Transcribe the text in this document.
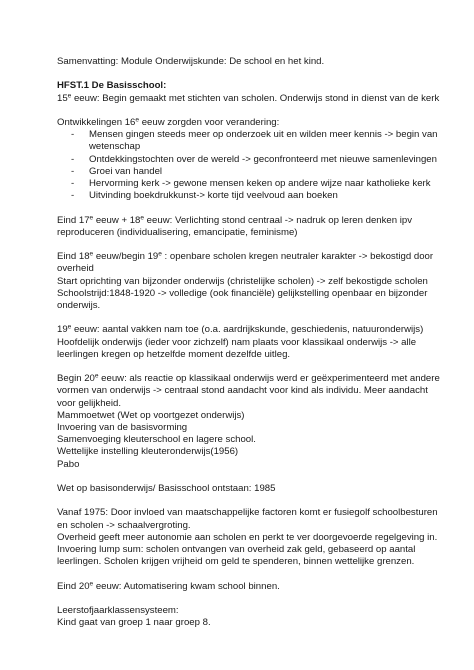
Samenvatting: Module Onderwijskunde: De school en het kind.

HFST.1 De Basisschool:

15e eeuw: Begin gemaakt met stichten van scholen. Onderwijs stond in dienst van de kerk

Ontwikkelingen 16e eeuw zorgden voor verandering:

- Mensen gingen steeds meer op onderzoek uit en wilden meer kennis -> begin van wetenschap
- Ontdekkingstochten over de wereld -> geconfronteerd met nieuwe samenlevingen
- Groei van handel
- Hervorming kerk -> gewone mensen keken op andere wijze naar katholieke kerk
- Uitvinding boekdrukkunst-> korte tijd veelvoud aan boeken

Eind 17e eeuw + $18^e$ eeuw: Verlichting stond centraal -> nadruk op leren denken ipv reproduceren (individualisering, emancipatie, feminisme)

Eind 18e eeuw/begin 19e : openbare scholen kregen neutraler karakter -> bekostigd door overheid

Start oprichting van bijzonder onderwijs (christelijke scholen) -> zelf bekostigde scholen

Schoolstrijd:1848-1920 -> volledige (ook financiële) gelijkstelling openbaar en bijzonder onderwijs.

19e eeuw: aantal vakken nam toe (o.a. aardrijkskunde, geschiedenis, natuuronderwijs)

Hoofdelijk onderwijs (ieder voor zichzelf) nam plaats voor klassikaal onderwijs -> alle leerlingen kregen op hetzelfde moment dezelfde uitleg.

Begin 20e eeuw: als reactie op klassikaal onderwijs werd er geëxperimenteerd met andere vormen van onderwijs -> centraal stond aandacht voor kind als individu. Meer aandacht voor gelijkheid.

Mammoetwet (Wet op voortgezet onderwijs)

Invoering van de basisvorming

Samenvoeging kleuterschool en lagere school.

Wettelijke instelling kleuteronderwijs(1956)

Pabo

Wet op basisonderwijs/ Basisschool ontstaan: 1985

Vanaf 1975: Door invloed van maatschappelijke factoren komt er fusiegolf schoolbesturen en scholen -> schaalvergroting.

Overheid geeft meer autonomie aan scholen en perkt te ver doorgevoerde regelgeving in.

Invoering lump sum: scholen ontvangen van overheid zak geld, gebaseerd op aantal leerlingen. Scholen krijgen vrijheid om geld te spenderen, binnen wettelijke grenzen.

Eind 20e eeuw: Automatisering kwam school binnen.

Leerstofjaarklassensysteem:

Kind gaat van groep 1 naar groep 8.
